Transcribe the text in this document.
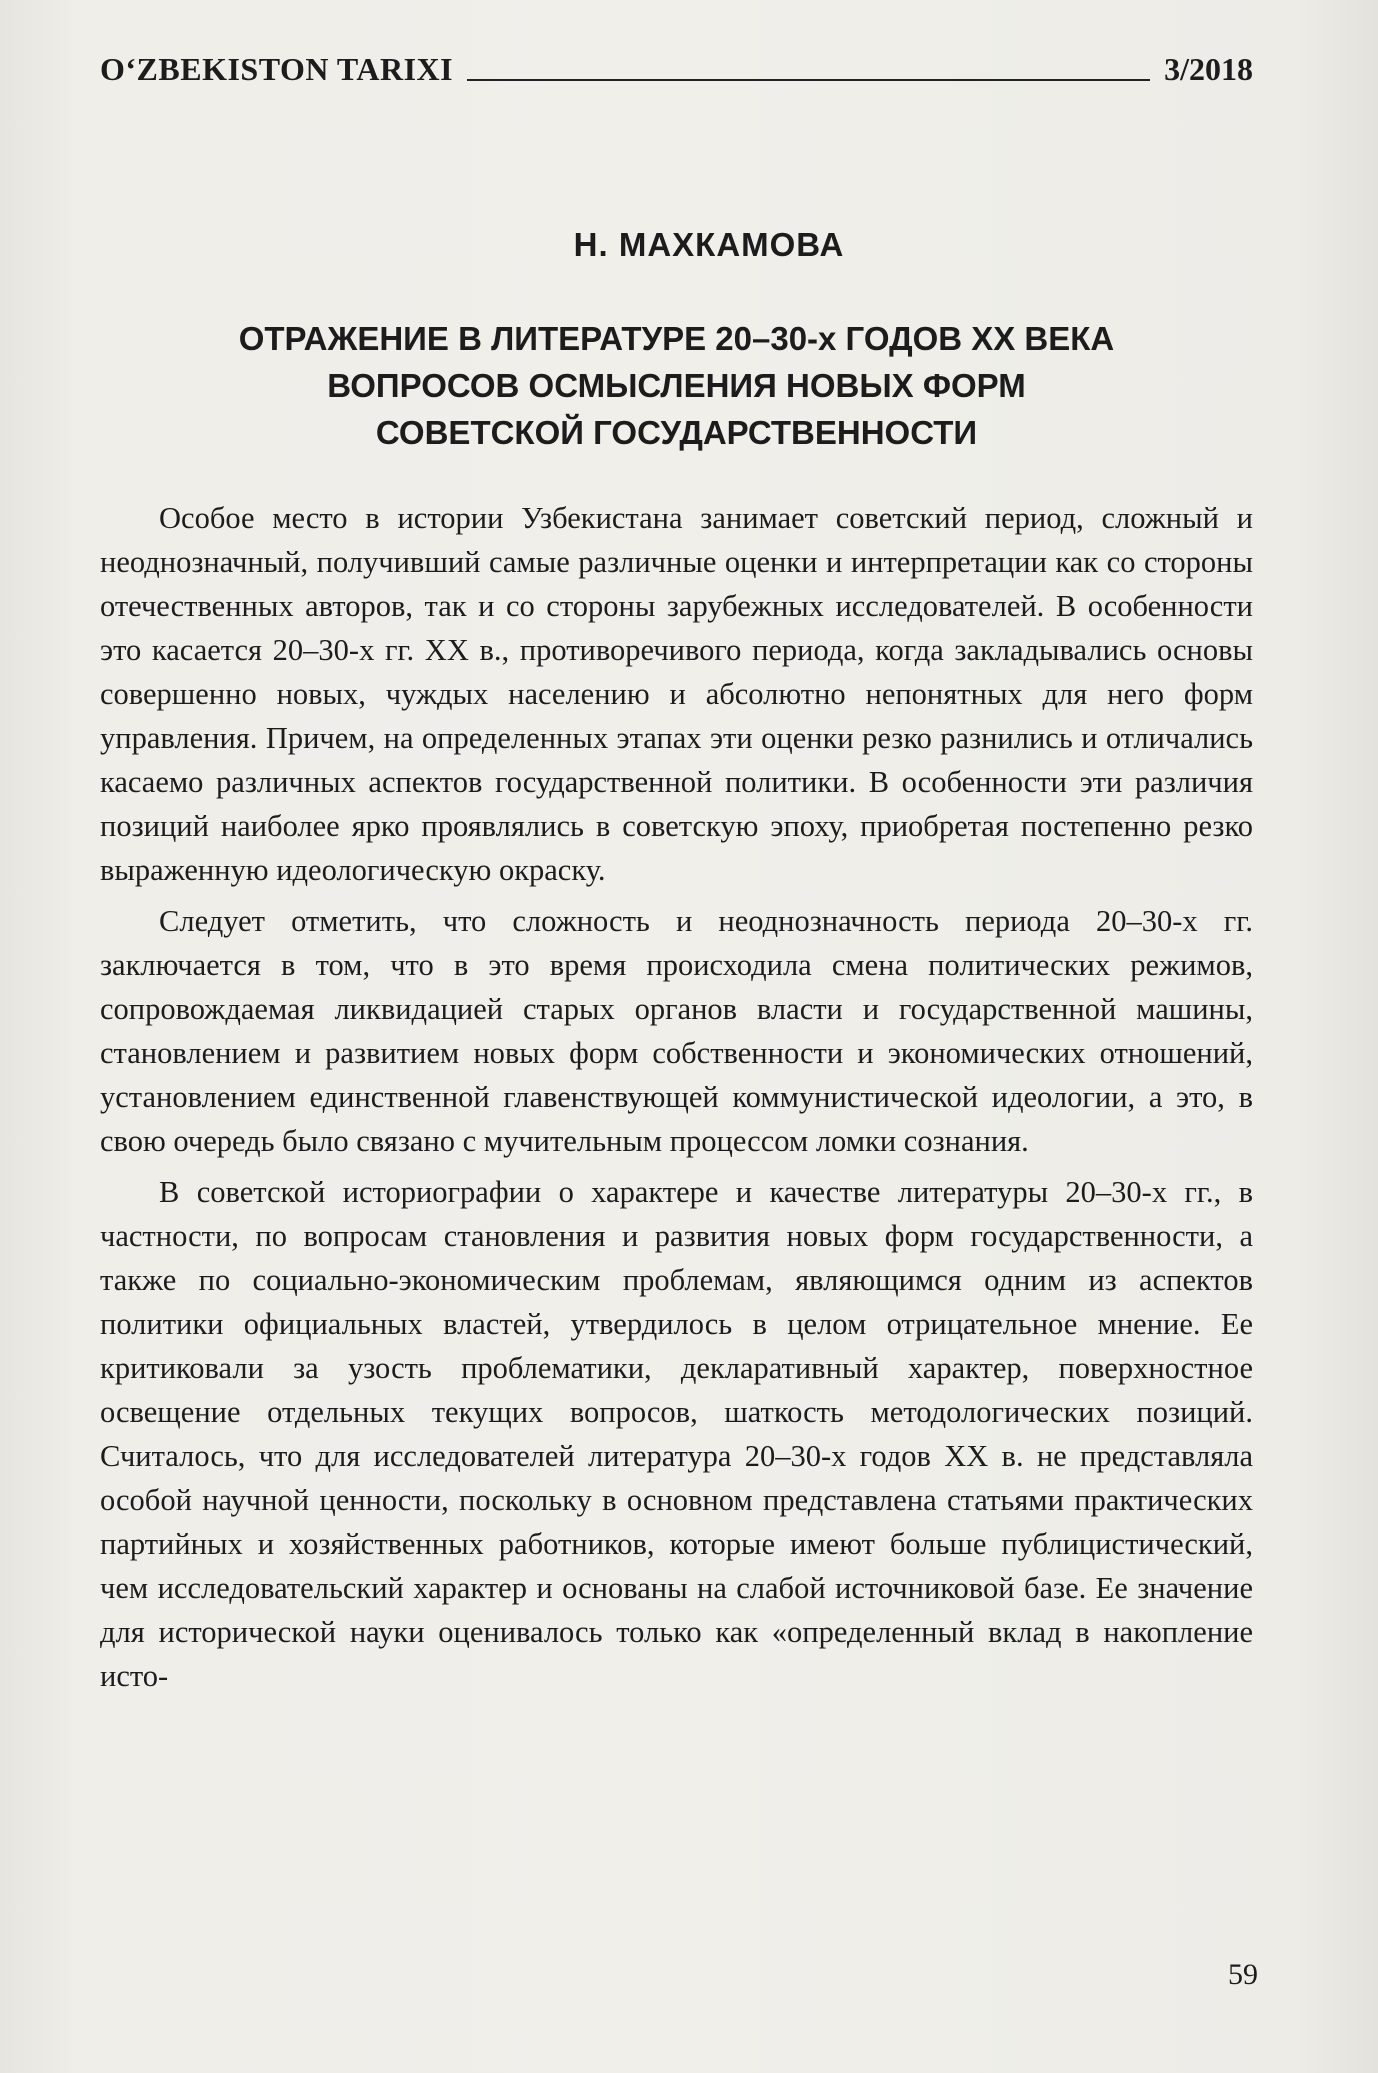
O‘ZBEKISTON TARIXI	3/2018
Н. МАХКАМОВА
ОТРАЖЕНИЕ В ЛИТЕРАТУРЕ 20–30-х ГОДОВ XX ВЕКА
ВОПРОСОВ ОСМЫСЛЕНИЯ НОВЫХ ФОРМ
СОВЕТСКОЙ ГОСУДАРСТВЕННОСТИ

Особое место в истории Узбекистана занимает советский период, сложный и неоднозначный, получивший самые различные оценки и интерпретации как со стороны отечественных авторов, так и со стороны зарубежных исследователей. В особенности это касается 20–30-х гг. XX в., противоречивого периода, когда закладывались основы совершенно новых, чуждых населению и абсолютно непонятных для него форм управления. Причем, на определенных этапах эти оценки резко разнились и отличались касаемо различных аспектов государственной политики. В особенности эти различия позиций наиболее ярко проявлялись в советскую эпоху, приобретая постепенно резко выраженную идеологическую окраску.

Следует отметить, что сложность и неоднозначность периода 20–30-х гг. заключается в том, что в это время происходила смена политических режимов, сопровождаемая ликвидацией старых органов власти и государственной машины, становлением и развитием новых форм собственности и экономических отношений, установлением единственной главенствующей коммунистической идеологии, а это, в свою очередь было связано с мучительным процессом ломки сознания.

В советской историографии о характере и качестве литературы 20–30-х гг., в частности, по вопросам становления и развития новых форм государственности, а также по социально-экономическим проблемам, являющимся одним из аспектов политики официальных властей, утвердилось в целом отрицательное мнение. Ее критиковали за узость проблематики, декларативный характер, поверхностное освещение отдельных текущих вопросов, шаткость методологических позиций. Считалось, что для исследователей литература 20–30-х годов XX в. не представляла особой научной ценности, поскольку в основном представлена статьями практических партийных и хозяйственных работников, которые имеют больше публицистический, чем исследовательский характер и основаны на слабой источниковой базе. Ее значение для исторической науки оценивалось только как «определенный вклад в накопление исто-

59
